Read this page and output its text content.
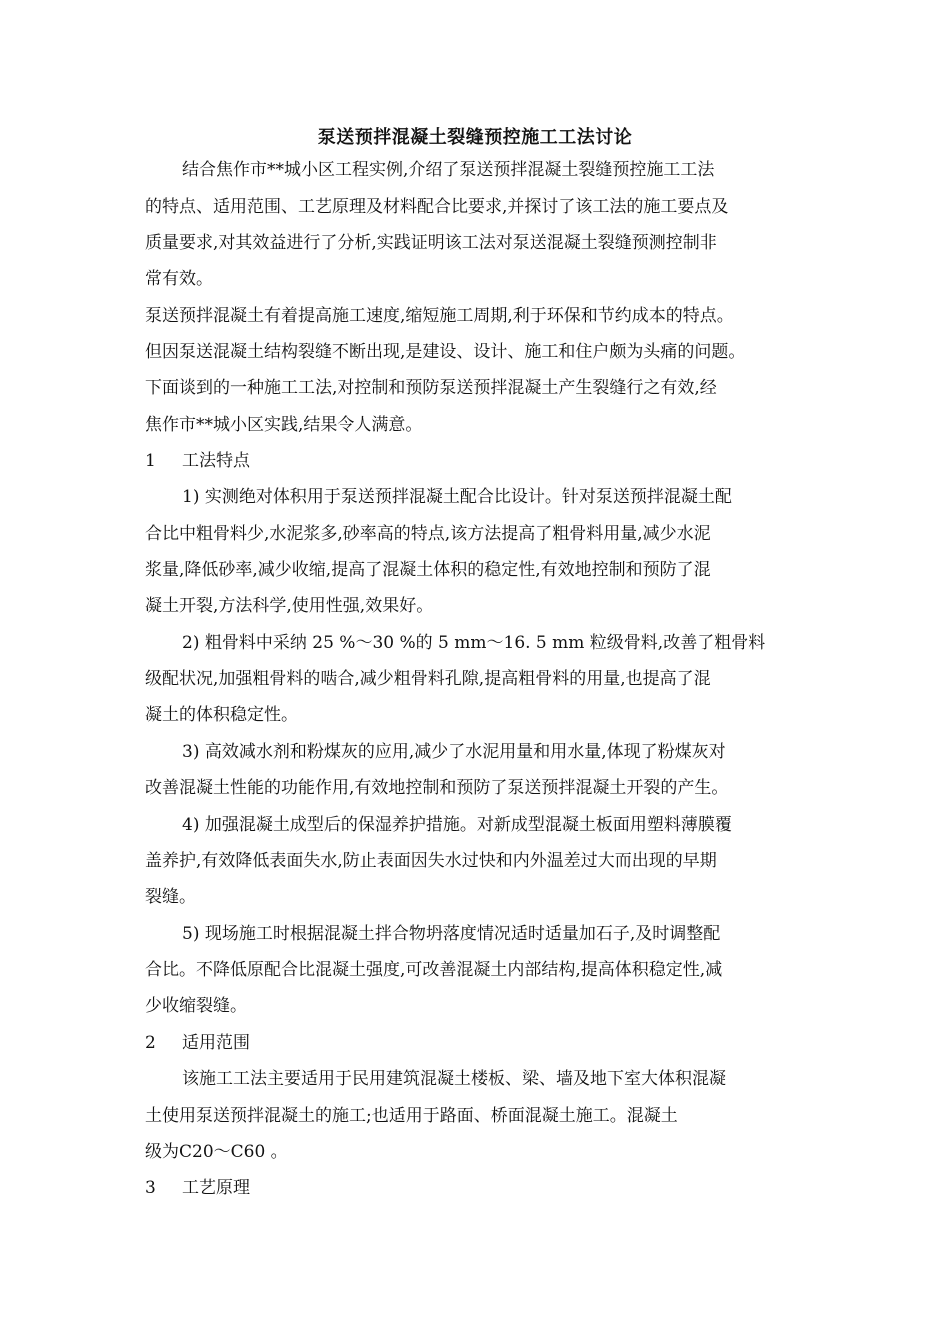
泵送预拌混凝土裂缝预控施工工法讨论
结合焦作市**城小区工程实例,介绍了泵送预拌混凝土裂缝预控施工工法
的特点、适用范围、工艺原理及材料配合比要求,并探讨了该工法的施工要点及
质量要求,对其效益进行了分析,实践证明该工法对泵送混凝土裂缝预测控制非
常有效。
泵送预拌混凝土有着提高施工速度,缩短施工周期,利于环保和节约成本的特点。
但因泵送混凝土结构裂缝不断出现,是建设、设计、施工和住户颇为头痛的问题。
下面谈到的一种施工工法,对控制和预防泵送预拌混凝土产生裂缝行之有效,经
焦作市**城小区实践,结果令人满意。
1 工法特点
1) 实测绝对体积用于泵送预拌混凝土配合比设计。针对泵送预拌混凝土配
合比中粗骨料少,水泥浆多,砂率高的特点,该方法提高了粗骨料用量,减少水泥
浆量,降低砂率,减少收缩,提高了混凝土体积的稳定性,有效地控制和预防了混
凝土开裂,方法科学,使用性强,效果好。
2) 粗骨料中采纳 25 %～30 %的 5 mm～16. 5 mm 粒级骨料,改善了粗骨料
级配状况,加强粗骨料的啮合,减少粗骨料孔隙,提高粗骨料的用量,也提高了混
凝土的体积稳定性。
3) 高效减水剂和粉煤灰的应用,减少了水泥用量和用水量,体现了粉煤灰对
改善混凝土性能的功能作用,有效地控制和预防了泵送预拌混凝土开裂的产生。
4) 加强混凝土成型后的保湿养护措施。对新成型混凝土板面用塑料薄膜覆
盖养护,有效降低表面失水,防止表面因失水过快和内外温差过大而出现的早期
裂缝。
5) 现场施工时根据混凝土拌合物坍落度情况适时适量加石子,及时调整配
合比。不降低原配合比混凝土强度,可改善混凝土内部结构,提高体积稳定性,减
少收缩裂缝。
2 适用范围
该施工工法主要适用于民用建筑混凝土楼板、梁、墙及地下室大体积混凝
土使用泵送预拌混凝土的施工;也适用于路面、桥面混凝土施工。混凝土
级为C20～C60 。
3 工艺原理
